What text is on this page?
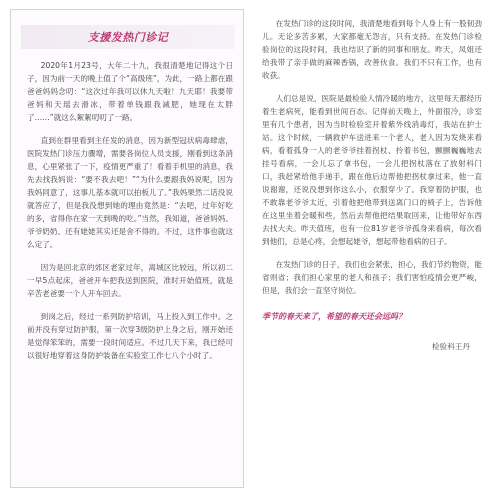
支援发热门诊记

2020年1月23号，大年二十九，我很清楚地记得这个日子，因为前一天的晚上值了个“高级班”，为此，一路上都在跟爸爸妈妈念叨：“这次过年我可以休九天啦！九天耶！我要带爸妈和天瑶去滑冰，带着单钱跟我减肥，她现在太胖了……”就这么絮絮叨叨了一路。

直到在群里看到主任发的消息，因为新型冠状病毒肆虐，医院发热门诊压力骤增，需要各岗位人员支援，刚看到这条消息，心里紧张了一下，疫情更严重了！看着手机里的消息，我先去找我妈说：“要不我去吧！”“为什么要跟我妈说呢，因为我妈同意了，这事儿基本就可以拍板儿了。”我妈果然二话没说就答应了，但是我没想到她的理由竟然是：“去吧，过年好吃的多，省得你在家一天到晚的吃。”当然，我知道，爸爸妈妈、爷爷奶奶、还有姥姥其实还是舍不得的。不过，这件事也就这么定了。

因为是回北京的郊区老家过年，离城区比较远，所以初二一早5点起床，爸爸开车把我送到医院，准时开始值班，就是辛苦老爸要一个人开车回去。

到岗之后，经过一系列防护培训，马上投入到工作中。之前并没有穿过防护服，第一次穿3级防护上身之后，刚开始还是觉得笨笨的，需要一段时间适应。不过几天下来，我已经可以很好地穿着这身防护装备在实验室工作七八个小时了。

在发热门诊的这段时间，我清楚地看到每个人身上有一股韧劲儿。无论多苦多累，大家都毫无怨言，只有支持。在发热门诊检验岗位的这段时间，我也结识了新的同事和朋友。昨天，凤姐还给我带了亲手做的麻辣香锅，改善伙食。我们不只有工作，也有收获。

人们总是说，医院是最检验人情冷暖的地方，这里每天都经历着生老病死，能看到世间百态。记得前天晚上，外面很冷，诊室里有几个患者，因为当时检验室开着紫外线消毒灯，我站在护士站。这个时候，一辆救护车送进来一个老人，老人因为发烧来看病，看着孤身一人的老爷爷挂着拐杖、拎着书包，颤颤巍巍地去挂号看病，一会儿忘了拿书包，一会儿把拐杖落在了放射科门口，我赶紧给他手递手，跟在他后边帮他把拐杖拿过来，他一直说谢谢，还说没想到你这么小，衣服穿少了。我穿着防护服，也不敢靠老爷爷太近，引着他把他带到送离门口的椅子上，告诉他在这里坐着会暖和些，然后去帮他把结果取回来，让他带好东西去找大夫。昨天值班，也有一位81岁老爷爷孤身来看病，每次看到他们，总是心疼，会想起姥爷，想起带他看病的日子。

在发热门诊的日子，我们也会紧张，担心，我们节约物资，能省则省；我们担心家里的老人和孩子；我们害怕疫情会更严峻，但是，我们会一直坚守岗位。

季节的春天来了，希望的春天还会远吗？

检验科王丹
